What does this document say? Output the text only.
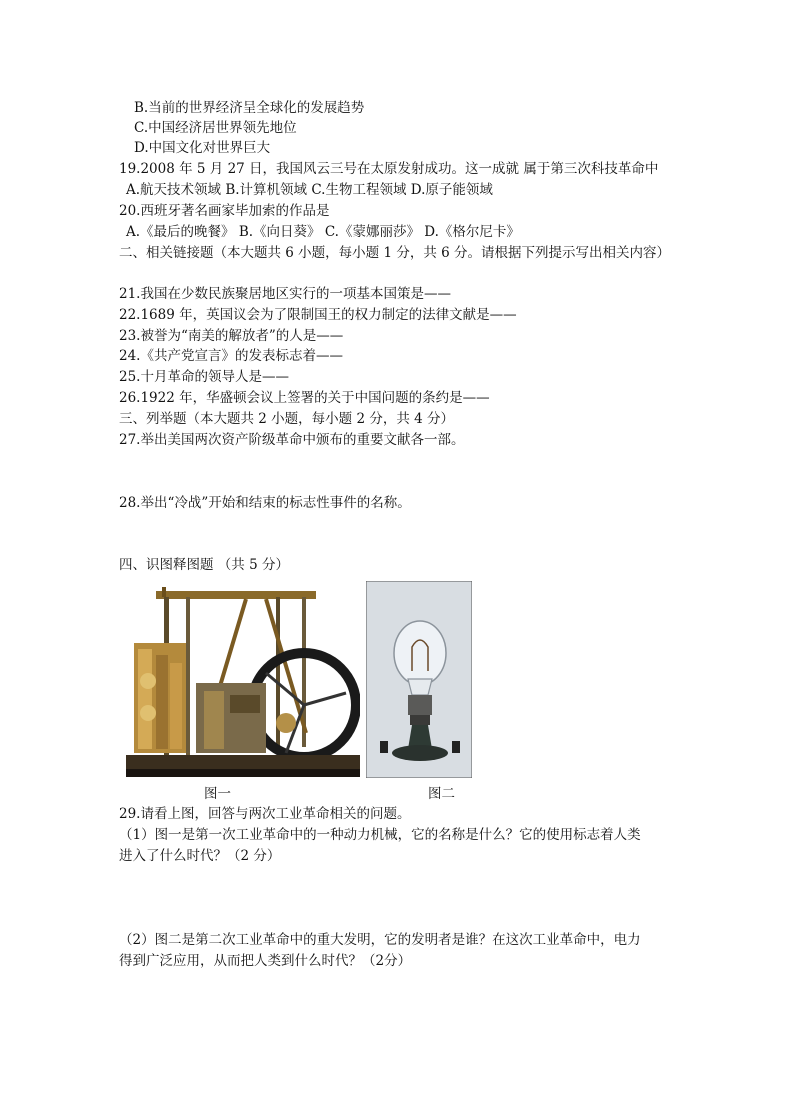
B.当前的世界经济呈全球化的发展趋势
C.中国经济居世界领先地位
D.中国文化对世界巨大
19.2008 年 5 月 27 日，我国风云三号在太原发射成功。这一成就 属于第三次科技革命中
A.航天技术领域 B.计算机领域 C.生物工程领域 D.原子能领域
20.西班牙著名画家毕加索的作品是
A.《最后的晚餐》 B.《向日葵》 C.《蒙娜丽莎》 D.《格尔尼卡》
二、相关链接题（本大题共 6 小题，每小题 1 分，共 6 分。请根据下列提示写出相关内容）
21.我国在少数民族聚居地区实行的一项基本国策是——
22.1689 年，英国议会为了限制国王的权力制定的法律文献是——
23.被誉为“南美的解放者”的人是——
24.《共产党宣言》的发表标志着——
25.十月革命的领导人是——
26.1922 年，华盛顿会议上签署的关于中国问题的条约是——
三、列举题（本大题共 2 小题，每小题 2 分，共 4 分）
27.举出美国两次资产阶级革命中颁布的重要文献各一部。
28.举出“冷战”开始和结束的标志性事件的名称。
四、识图释图题 （共 5 分）
图一	图二
29.请看上图，回答与两次工业革命相关的问题。
（1）图一是第一次工业革命中的一种动力机械，它的名称是什么？它的使用标志着人类
进入了什么时代？（2 分）
（2）图二是第二次工业革命中的重大发明，它的发明者是谁？在这次工业革命中，电力
得到广泛应用，从而把人类到什么时代？（2分）
